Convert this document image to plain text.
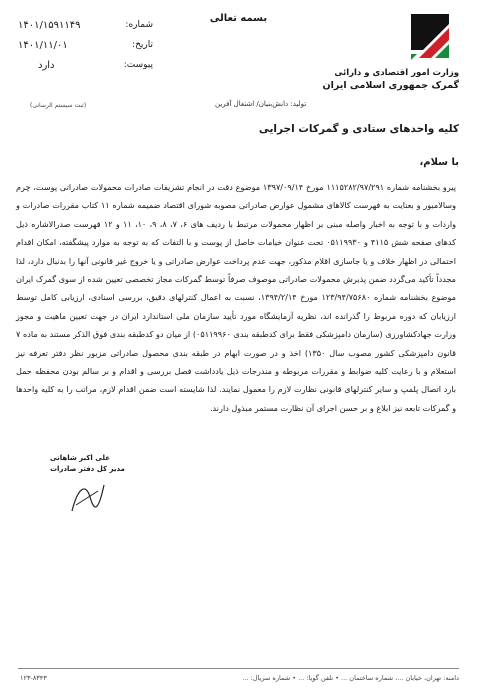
بسمه تعالی
وزارت امور اقتصادی و دارائی
گمرک جمهوری اسلامی ایران
شماره:
۱۴۰۱/۱۵۹۱۱۴۹
تاریخ:
۱۴۰۱/۱۱/۰۱
پیوست:
دارد
(ثبت سیستم الرسانی)	تولید: دانش‌بنیان/ اشتغال آفرین
کلیه واحدهای ستادی و گمرکات اجرایی
با سلام،

پیرو بخشنامه شماره ۱۱۱۵۲۸۲/۹۷/۲۹۱ مورخ ۱۳۹۷/۰۹/۱۴ موضوع دقت در انجام تشریفات صادرات محمولات صادراتی پوست، چرم وسالامبور و بعنایت به فهرست کالاهای مشمول عوارض صادراتی مصوبه شورای اقتصاد ضمیمه شماره ۱۱ کتاب مقررات صادرات و واردات و با توجه به اخبار واصله مبنی بر اظهار محمولات مرتبط با ردیف های ۶، ۷، ۸، ۹، ۱۰، ۱۱ و ۱۲ فهرست صدرالاشاره ذیل کدهای صفحه شش ۴۱۱۵ و ۰۵۱۱۹۹۳۰ تحت عنوان خیامات حاصل از پوست و با التفات که به توجه به موارد پیشگفته، امکان اقدام احتمالی در اظهار خلاف و یا جاسازی اقلام مذکور، جهت عدم پرداخت عوارض صادراتی و یا خروج غیر قانونی آنها را بدنبال دارد، لذا مجدداً تأکید می‌گردد ضمن پذیرش محمولات صادراتی موصوف صرفاً توسط گمرکات مجاز تخصصی تعیین شده از سوی گمرک ایران موضوع بخشنامه شماره ۱۲۳/۹۴/۷۵۶۸۰ مورخ ۱۳۹۴/۲/۱۴، نسبت به اعمال کنترلهای دقیق، بررسی اسنادی، ارزیابی کامل توسط ارزیابان که دوره مربوط را گذرانده اند، نظریه آزمایشگاه مورد تأیید سازمان ملی استاندارد ایران در جهت تعیین ماهیت و مجوز وزارت جهادکشاورزی (سازمان دامپزشکی فقط برای کدطبقه بندی ۰۵۱۱۹۹۶۰) از میان دو کدطبقه بندی فوق الذکر مستند به ماده ۷ قانون دامپزشکی کشور مصوب سال ۱۳۵۰) اخذ و در صورت ابهام در طبقه بندی محصول صادراتی مزبور نظر دفتر تعرفه نیز استعلام و با رعایت کلیه ضوابط و مقررات مربوطه و مندرجات ذیل یادداشت فصل بررسی و اقدام و بر سالم بودن محفظه حمل بارد اتصال پلمپ و سایر کنترلهای قانونی نظارت لازم را معمول نمایند. لذا شایسته است ضمن اقدام لازم، مراتب را به کلیه واحدها و گمرکات تابعه نیز ابلاغ و بر حسن اجرای آن نظارت مستمر مبذول دارند.

علی اکبر شاهانی
مدیر کل دفتر صادرات
۱۲۳-۸۳۴۳	دامنه: تهران، خیابان ...، شماره ساختمان ... • تلفن گویا: ... • شماره سریال: ...
